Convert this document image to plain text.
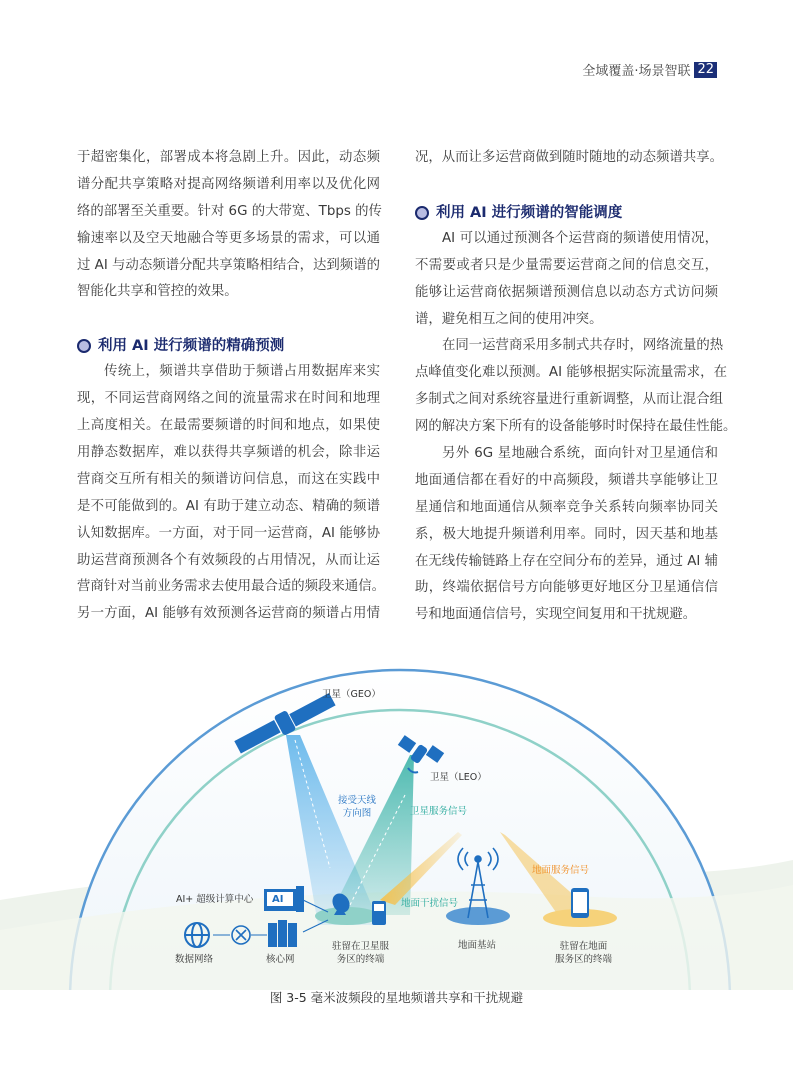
全域覆盖·场景智联 22
于超密集化，部署成本将急剧上升。因此，动态频
谱分配共享策略对提高网络频谱利用率以及优化网
络的部署至关重要。针对 6G 的大带宽、Tbps 的传
输速率以及空天地融合等更多场景的需求，可以通
过 AI 与动态频谱分配共享策略相结合，达到频谱的
智能化共享和管控的效果。
利用 AI 进行频谱的精确预测
传统上，频谱共享借助于频谱占用数据库来实
现，不同运营商网络之间的流量需求在时间和地理
上高度相关。在最需要频谱的时间和地点，如果使
用静态数据库，难以获得共享频谱的机会，除非运
营商交互所有相关的频谱访问信息，而这在实践中
是不可能做到的。AI 有助于建立动态、精确的频谱
认知数据库。一方面，对于同一运营商，AI 能够协
助运营商预测各个有效频段的占用情况，从而让运
营商针对当前业务需求去使用最合适的频段来通信。
另一方面，AI 能够有效预测各运营商的频谱占用情
况，从而让多运营商做到随时随地的动态频谱共享。
利用 AI 进行频谱的智能调度
AI 可以通过预测各个运营商的频谱使用情况，
不需要或者只是少量需要运营商之间的信息交互，
能够让运营商依据频谱预测信息以动态方式访问频
谱，避免相互之间的使用冲突。
在同一运营商采用多制式共存时，网络流量的热
点峰值变化难以预测。AI 能够根据实际流量需求，在
多制式之间对系统容量进行重新调整，从而让混合组
网的解决方案下所有的设备能够时时保持在最佳性能。
另外 6G 星地融合系统，面向针对卫星通信和
地面通信都在看好的中高频段，频谱共享能够让卫
星通信和地面通信从频率竞争关系转向频率协同关
系，极大地提升频谱利用率。同时，因天基和地基
在无线传输链路上存在空间分布的差异，通过 AI 辅
助，终端依据信号方向能够更好地区分卫星通信信
号和地面通信信号，实现空间复用和干扰规避。
卫星（GEO）
卫星（LEO）
接受天线
方向图	卫星服务信号
地面服务信号
地面干扰信号
AI+ 超级计算中心 AI
数据网络	核心网
驻留在卫星服
务区的终端
地面基站	驻留在地面
服务区的终端
图 3-5 毫米波频段的星地频谱共享和干扰规避
